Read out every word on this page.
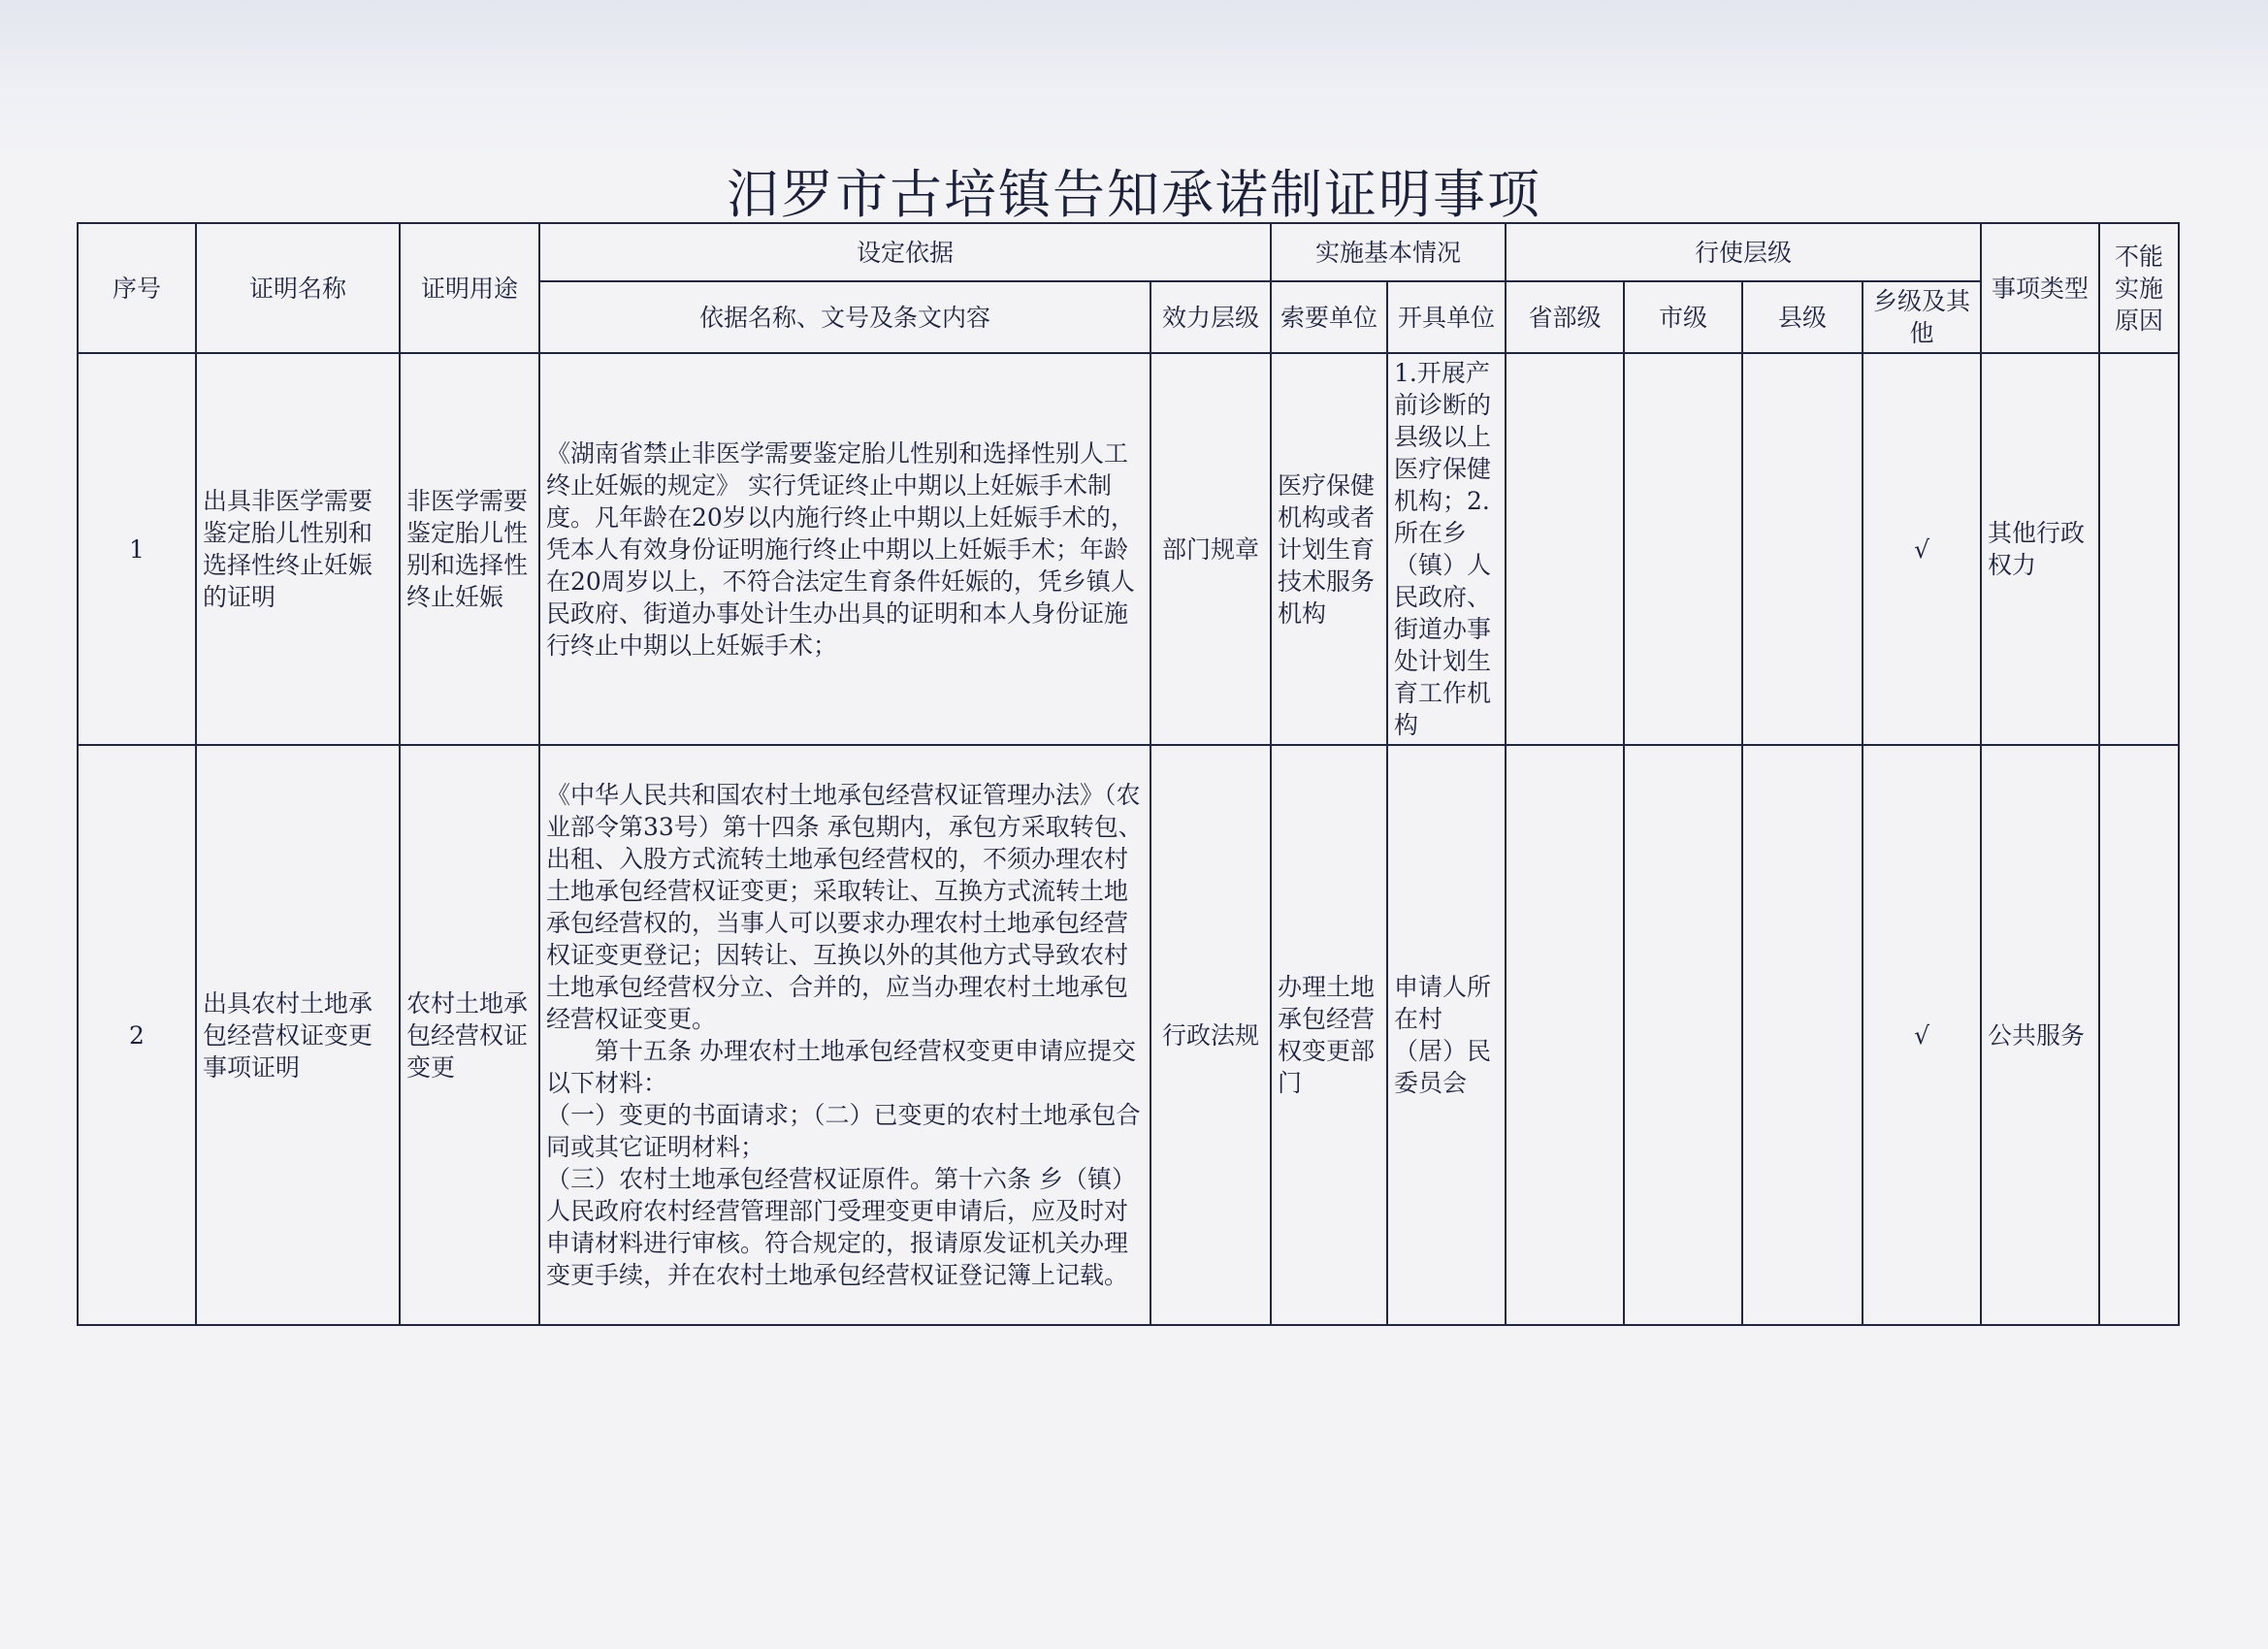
汨罗市古培镇告知承诺制证明事项
序号	证明名称	证明用途	设定依据		实施基本情况		行使层级				事项类型	不能实施原因
			依据名称、文号及条文内容	效力层级	索要单位	开具单位	省部级	市级	县级	乡级及其他		
1	出具非医学需要鉴定胎儿性别和选择性终止妊娠的证明	非医学需要鉴定胎儿性别和选择性终止妊娠	《湖南省禁止非医学需要鉴定胎儿性别和选择性别人工终止妊娠的规定》 实行凭证终止中期以上妊娠手术制度。凡年龄在20岁以内施行终止中期以上妊娠手术的，凭本人有效身份证明施行终止中期以上妊娠手术；年龄在20周岁以上，不符合法定生育条件妊娠的，凭乡镇人民政府、街道办事处计生办出具的证明和本人身份证施行终止中期以上妊娠手术；	部门规章	医疗保健机构或者计划生育技术服务机构	1.开展产前诊断的县级以上医疗保健机构；2.所在乡（镇）人民政府、街道办事处计划生育工作机构				√	其他行政权力	
2	出具农村土地承包经营权证变更事项证明	农村土地承包经营权证变更	《中华人民共和国农村土地承包经营权证管理办法》（农业部令第33号）第十四条 承包期内，承包方采取转包、出租、入股方式流转土地承包经营权的，不须办理农村土地承包经营权证变更；采取转让、互换方式流转土地承包经营权的，当事人可以要求办理农村土地承包经营权证变更登记；因转让、互换以外的其他方式导致农村土地承包经营权分立、合并的，应当办理农村土地承包经营权证变更。
第十五条 办理农村土地承包经营权变更申请应提交以下材料：
（一）变更的书面请求；（二）已变更的农村土地承包合同或其它证明材料；
（三）农村土地承包经营权证原件。第十六条 乡（镇）人民政府农村经营管理部门受理变更申请后，应及时对申请材料进行审核。符合规定的，报请原发证机关办理变更手续，并在农村土地承包经营权证登记簿上记载。	行政法规	办理土地承包经营权变更部门	申请人所在村（居）民委员会				√	公共服务	
